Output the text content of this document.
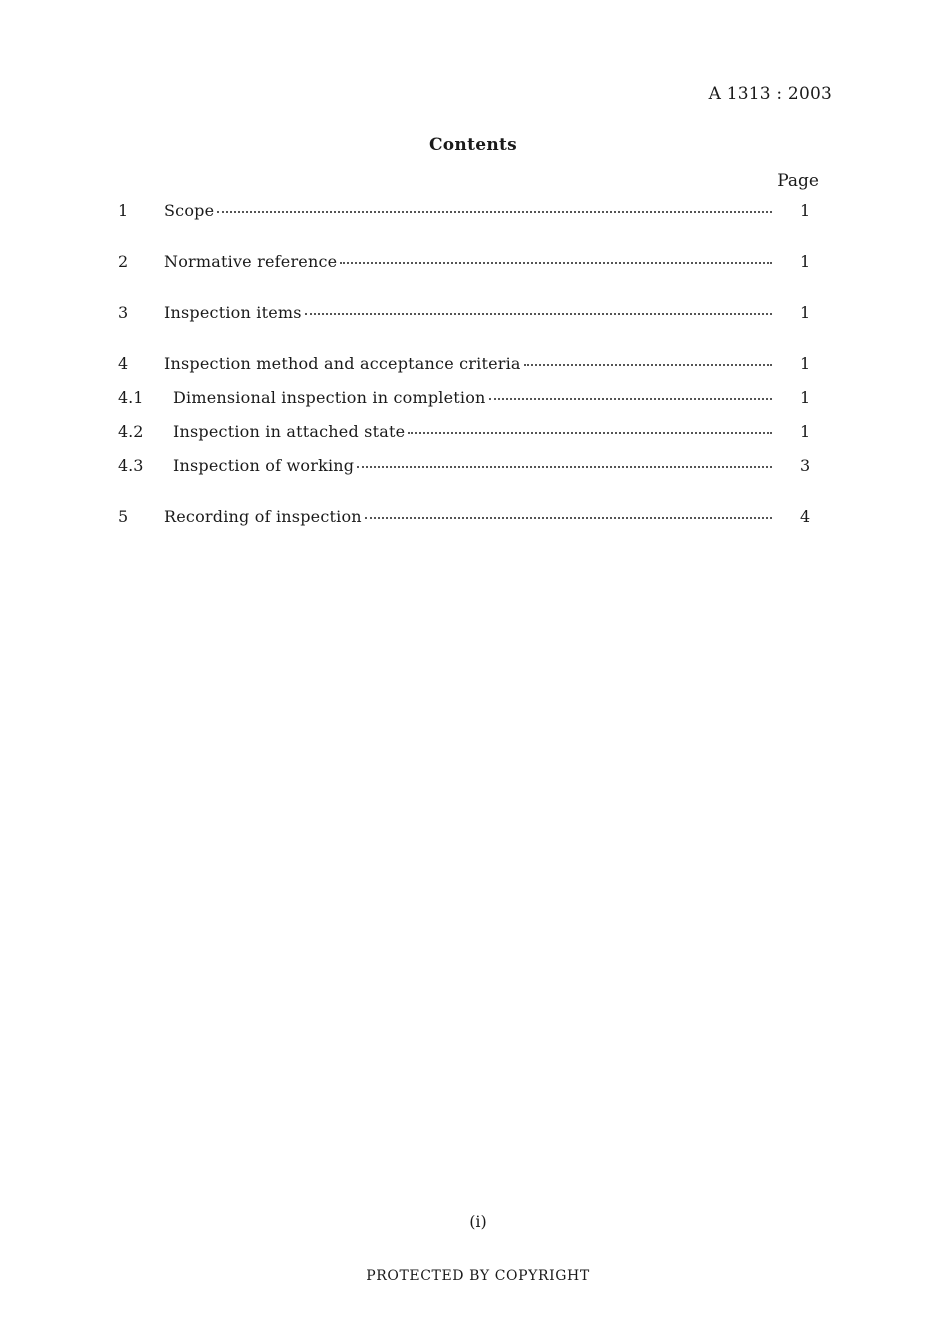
A 1313 : 2003
Contents
Page
1 Scope	1
2 Normative reference	1
3 Inspection items	1
4 Inspection method and acceptance criteria	1
4.1 Dimensional inspection in completion	1
4.2 Inspection in attached state	1
4.3 Inspection of working	3
5 Recording of inspection	4
(i)
PROTECTED BY COPYRIGHT
